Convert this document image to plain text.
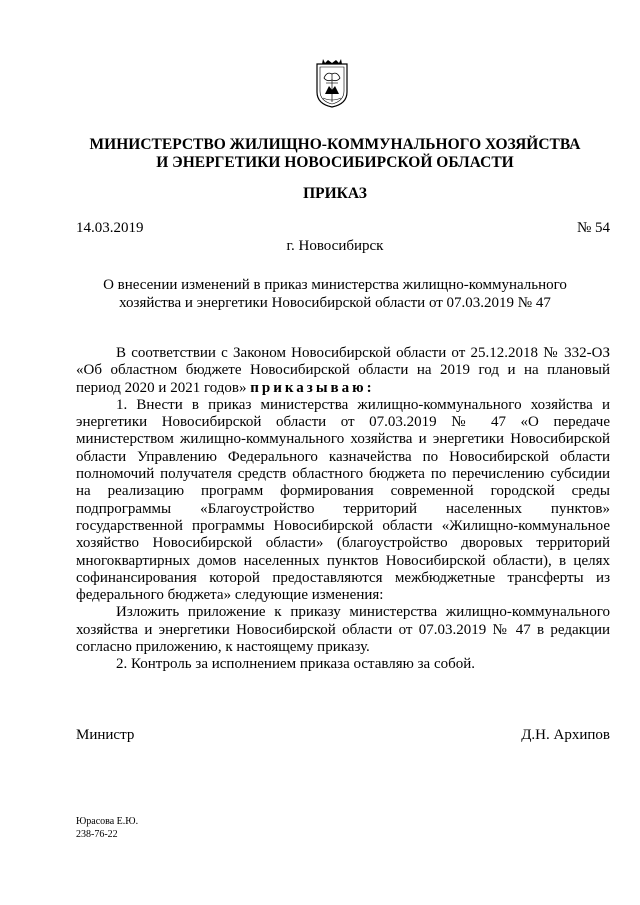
МИНИСТЕРСТВО ЖИЛИЩНО-КОММУНАЛЬНОГО ХОЗЯЙСТВА
И ЭНЕРГЕТИКИ НОВОСИБИРСКОЙ ОБЛАСТИ
ПРИКАЗ
14.03.2019	№ 54
г. Новосибирск
О внесении изменений в приказ министерства жилищно-коммунального
хозяйства и энергетики Новосибирской области от 07.03.2019 № 47

В соответствии с Законом Новосибирской области от 25.12.2018 № 332-ОЗ «Об областном бюджете Новосибирской области на 2019 год и на плановый период 2020 и 2021 годов» приказываю:

1. Внести в приказ министерства жилищно-коммунального хозяйства и энергетики Новосибирской области от 07.03.2019 № 47 «О передаче министерством жилищно-коммунального хозяйства и энергетики Новосибирской области Управлению Федерального казначейства по Новосибирской области полномочий получателя средств областного бюджета по перечислению субсидии на реализацию программ формирования современной городской среды подпрограммы «Благоустройство территорий населенных пунктов» государственной программы Новосибирской области «Жилищно-коммунальное хозяйство Новосибирской области» (благоустройство дворовых территорий многоквартирных домов населенных пунктов Новосибирской области), в целях софинансирования которой предоставляются межбюджетные трансферты из федерального бюджета» следующие изменения:

Изложить приложение к приказу министерства жилищно-коммунального хозяйства и энергетики Новосибирской области от 07.03.2019 № 47 в редакции согласно приложению, к настоящему приказу.

2. Контроль за исполнением приказа оставляю за собой.

Министр	Д.Н. Архипов
Юрасова Е.Ю.
238-76-22
